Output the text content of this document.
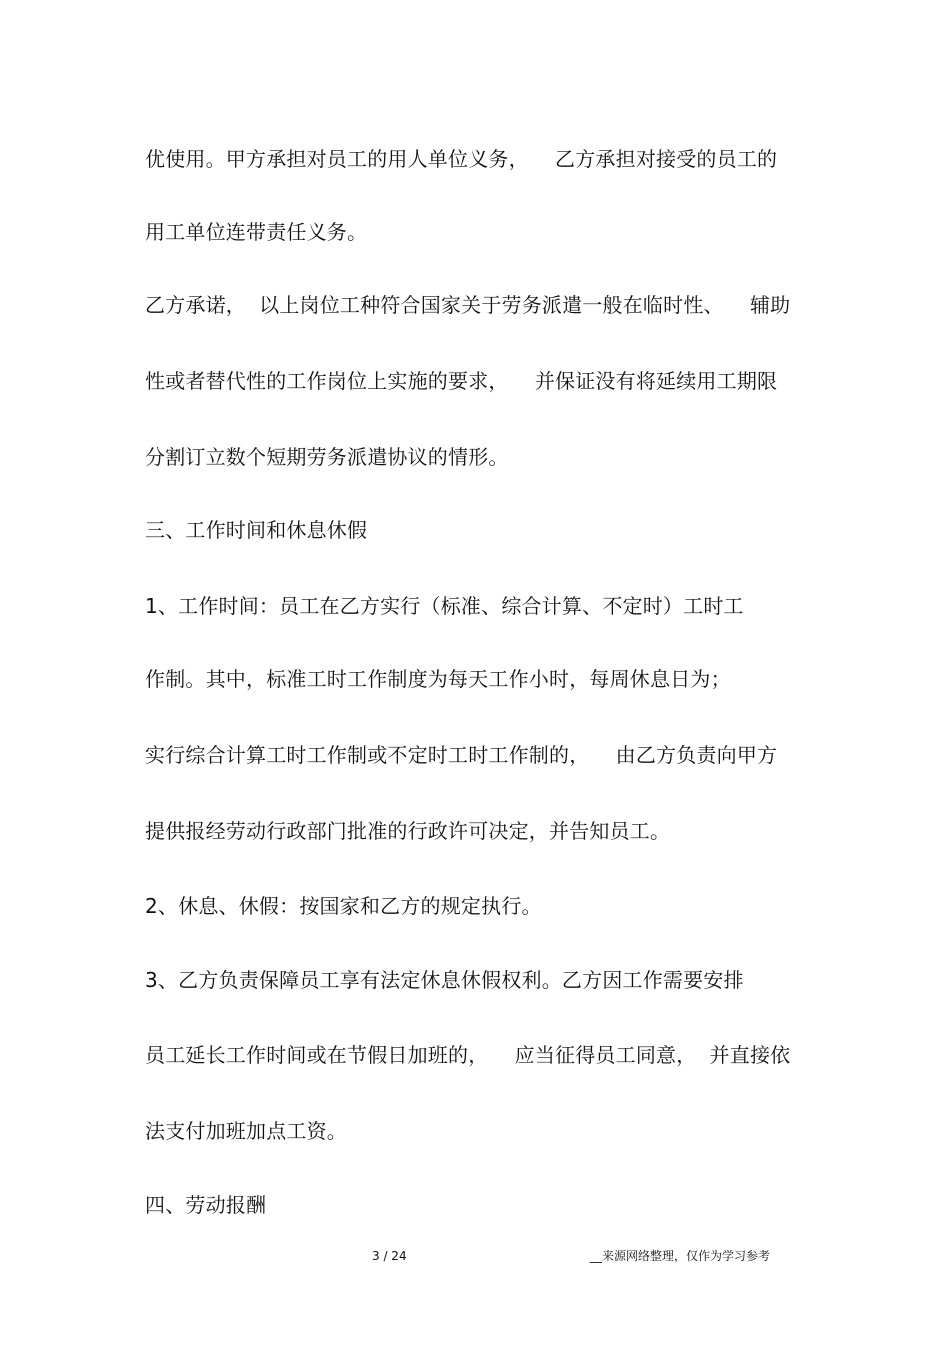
优使用。甲方承担对员工的用人单位义务，    乙方承担对接受的员工的
用工单位连带责任义务。
乙方承诺，  以上岗位工种符合国家关于劳务派遣一般在临时性、    辅助
性或者替代性的工作岗位上实施的要求，    并保证没有将延续用工期限
分割订立数个短期劳务派遣协议的情形。
三、工作时间和休息休假
1、工作时间：员工在乙方实行（标准、综合计算、不定时）工时工
作制。其中，标准工时工作制度为每天工作小时，每周休息日为；
实行综合计算工时工作制或不定时工时工作制的，    由乙方负责向甲方
提供报经劳动行政部门批准的行政许可决定，并告知员工。
2、休息、休假：按国家和乙方的规定执行。
3、乙方负责保障员工享有法定休息休假权利。乙方因工作需要安排
员工延长工作时间或在节假日加班的，    应当征得员工同意，  并直接依
法支付加班加点工资。
四、劳动报酬
3 / 24	__来源网络整理，仅作为学习参考
